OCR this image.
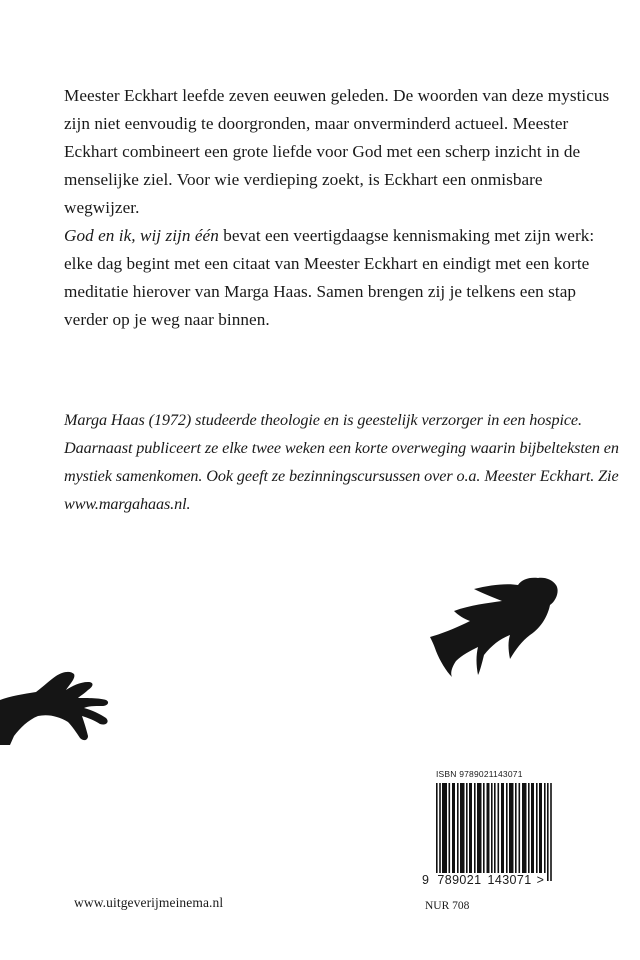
Meester Eckhart leefde zeven eeuwen geleden. De woorden van deze mysticus zijn niet eenvoudig te doorgronden, maar onverminderd actueel. Meester Eckhart combineert een grote liefde voor God met een scherp inzicht in de menselijke ziel. Voor wie verdieping zoekt, is Eckhart een onmisbare wegwijzer.

God en ik, wij zijn één bevat een veertigdaagse kennismaking met zijn werk: elke dag begint met een citaat van Meester Eckhart en eindigt met een korte meditatie hierover van Marga Haas. Samen brengen zij je telkens een stap verder op je weg naar binnen.

Marga Haas (1972) studeerde theologie en is geestelijk verzorger in een hospice. Daarnaast publiceert ze elke twee weken een korte overweging waarin bijbelteksten en mystiek samenkomen. Ook geeft ze bezinningscursussen over o.a. Meester Eckhart. Zie www.margahaas.nl.

ISBN 9789021143071
9 789021 143071 >
NUR 708
www.uitgeverijmeinema.nl
